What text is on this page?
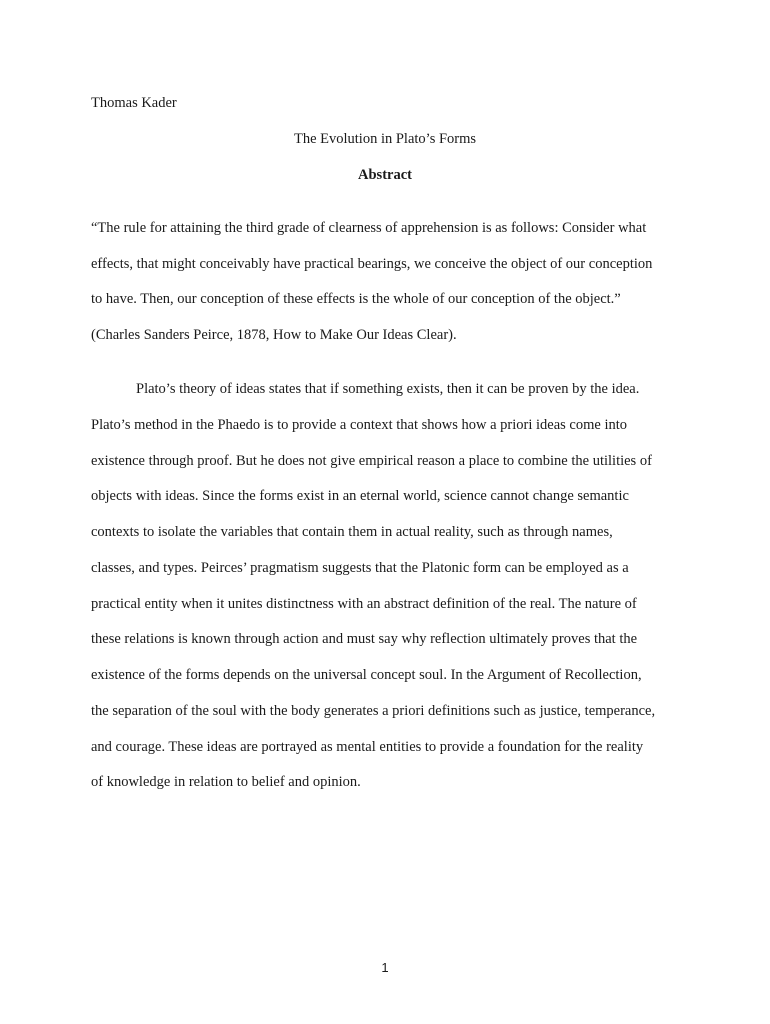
Thomas Kader
The Evolution in Plato’s Forms
Abstract
“The rule for attaining the third grade of clearness of apprehension is as follows: Consider what
effects, that might conceivably have practical bearings, we conceive the object of our conception
to have. Then, our conception of these effects is the whole of our conception of the object.”
(Charles Sanders Peirce, 1878, How to Make Our Ideas Clear).
Plato’s theory of ideas states that if something exists, then it can be proven by the idea.
Plato’s method in the Phaedo is to provide a context that shows how a priori ideas come into
existence through proof. But he does not give empirical reason a place to combine the utilities of
objects with ideas. Since the forms exist in an eternal world, science cannot change semantic
contexts to isolate the variables that contain them in actual reality, such as through names,
classes, and types. Peirces’ pragmatism suggests that the Platonic form can be employed as a
practical entity when it unites distinctness with an abstract definition of the real. The nature of
these relations is known through action and must say why reflection ultimately proves that the
existence of the forms depends on the universal concept soul. In the Argument of Recollection,
the separation of the soul with the body generates a priori definitions such as justice, temperance,
and courage. These ideas are portrayed as mental entities to provide a foundation for the reality
of knowledge in relation to belief and opinion.
1
